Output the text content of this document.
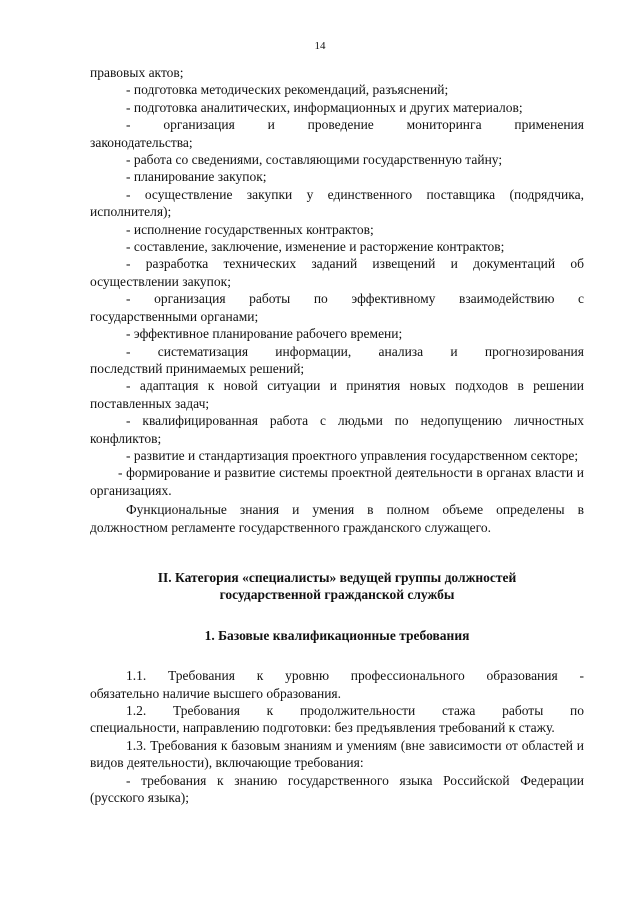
14

правовых актов;

- подготовка методических рекомендаций, разъяснений;

- подготовка аналитических, информационных и других материалов;

- организация и проведение мониторинга применения

законодательства;

- работа со сведениями, составляющими государственную тайну;

- планирование закупок;

- осуществление закупки у единственного поставщика (подрядчика, исполнителя);

- исполнение государственных контрактов;

- составление, заключение, изменение и расторжение контрактов;

- разработка технических заданий извещений и документаций об осуществлении закупок;

- организация работы по эффективному взаимодействию с

государственными органами;

- эффективное планирование рабочего времени;

- систематизация информации, анализа и прогнозирования

последствий принимаемых решений;

- адаптация к новой ситуации и принятия новых подходов в решении поставленных задач;

- квалифицированная работа с людьми по недопущению личностных конфликтов;

- развитие и стандартизация проектного управления государственном секторе;

- формирование и развитие системы проектной деятельности в органах власти и организациях.

Функциональные знания и умения в полном объеме определены в должностном регламенте государственного гражданского служащего.

II. Категория «специалисты» ведущей группы должностей
государственной гражданской службы
1. Базовые квалификационные требования

1.1. Требования к уровню профессионального образования -

обязательно наличие высшего образования.

1.2. Требования к продолжительности стажа работы по

специальности, направлению подготовки: без предъявления требований к стажу.

1.3. Требования к базовым знаниям и умениям (вне зависимости от областей и видов деятельности), включающие требования:

- требования к знанию государственного языка Российской Федерации (русского языка);
